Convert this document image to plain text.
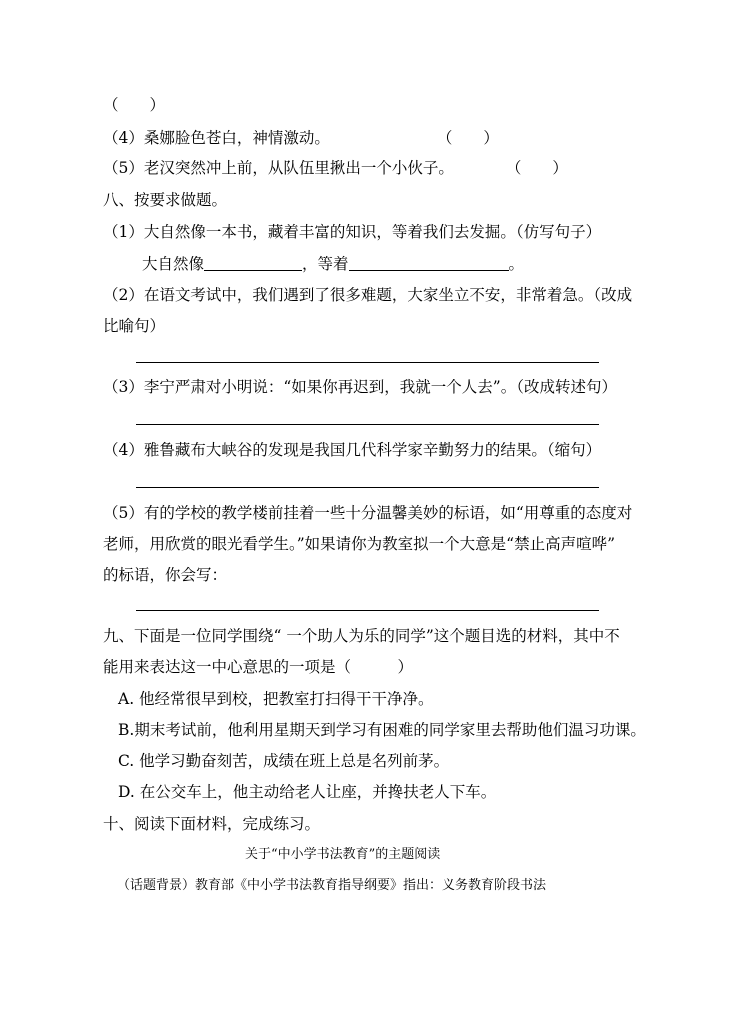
（　　）
（4）桑娜脸色苍白，神情激动。	（　　）
（5）老汉突然冲上前，从队伍里揪出一个小伙子。	（　　）
八、按要求做题。
（1）大自然像一本书，藏着丰富的知识，等着我们去发掘。（仿写句子）
大自然像	，等着	。
（2）在语文考试中，我们遇到了很多难题，大家坐立不安，非常着急。（改成
比喻句）
（3）李宁严肃对小明说：“如果你再迟到，我就一个人去”。（改成转述句）
（4）雅鲁藏布大峡谷的发现是我国几代科学家辛勤努力的结果。（缩句）
（5）有的学校的教学楼前挂着一些十分温馨美妙的标语，如“用尊重的态度对
老师，用欣赏的眼光看学生。”如果请你为教室拟一个大意是“禁止高声喧哗”
的标语，你会写：
九、下面是一位同学围绕“ 一个助人为乐的同学”这个题目选的材料，其中不
能用来表达这一中心意思的一项是（　　　）
A. 他经常很早到校，把教室打扫得干干净净。
B.期末考试前，他利用星期天到学习有困难的同学家里去帮助他们温习功课。
C. 他学习勤奋刻苦，成绩在班上总是名列前茅。
D. 在公交车上，他主动给老人让座，并搀扶老人下车。
十、阅读下面材料，完成练习。
关于“中小学书法教育”的主题阅读
（话题背景）教育部《中小学书法教育指导纲要》指出：义务教育阶段书法
